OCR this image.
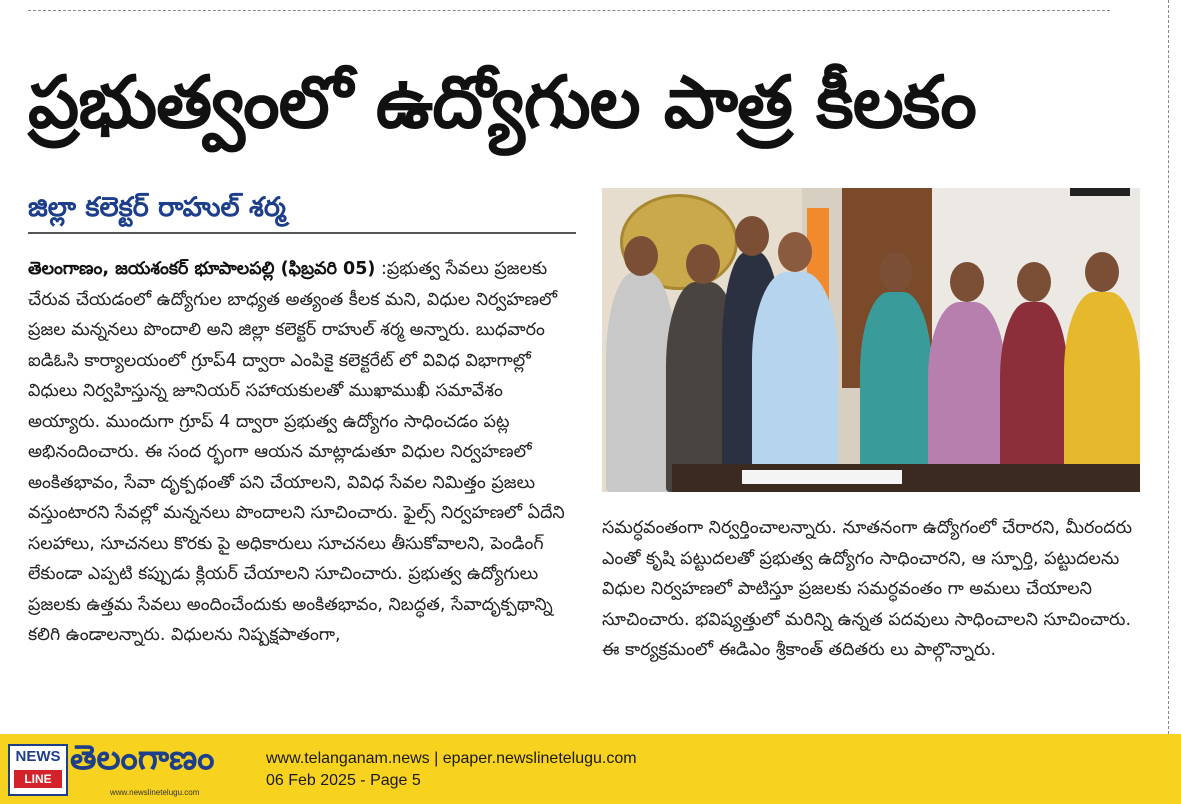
ప్రభుత్వంలో ఉద్యోగుల పాత్ర కీలకం
జిల్లా కలెక్టర్ రాహుల్ శర్మ
తెలంగాణం, జయశంకర్ భూపాలపల్లి (ఫిబ్రవరి 05) :ప్రభుత్వ సేవలు ప్రజలకు చేరువ చేయడంలో ఉద్యోగుల బాధ్యత అత్యంత కీలక మని, విధుల నిర్వహణలో ప్రజల మన్ననలు పొందాలి అని జిల్లా కలెక్టర్ రాహుల్ శర్మ అన్నారు. బుధవారం ఐడిఓసి కార్యాలయంలో గ్రూప్4 ద్వారా ఎంపికై కలెక్టరేట్ లో వివిధ విభాగాల్లో విధులు నిర్వహిస్తున్న జూనియర్ సహాయకులతో ముఖాముఖీ సమావేశం అయ్యారు. ముందుగా గ్రూప్ 4 ద్వారా ప్రభుత్వ ఉద్యోగం సాధించడం పట్ల అభినందించారు. ఈ సంద ర్భంగా ఆయన మాట్లాడుతూ విధుల నిర్వహణలో అంకితభావం, సేవా దృక్పథంతో పని చేయాలని, వివిధ సేవల నిమిత్తం ప్రజలు వస్తుంటారని సేవల్లో మన్ననలు పొందాలని సూచించారు. ఫైల్స్ నిర్వహణలో ఏదేని సలహాలు, సూచనలు కొరకు పై అధికారులు సూచనలు తీసుకోవాలని, పెండింగ్ లేకుండా ఎప్పటి కప్పుడు క్లియర్ చేయాలని సూచించారు. ప్రభుత్వ ఉద్యోగులు ప్రజలకు ఉత్తమ సేవలు అందించేందుకు అంకితభావం, నిబద్ధత, సేవాదృక్పథాన్ని కలిగి ఉండాలన్నారు. విధులను నిష్పక్షపాతంగా,
సమర్ధవంతంగా నిర్వర్తించాలన్నారు. నూతనంగా ఉద్యోగంలో చేరారని, మీరందరు ఎంతో కృషి పట్టుదలతో ప్రభుత్వ ఉద్యోగం సాధించారని, ఆ స్ఫూర్తి, పట్టుదలను విధుల నిర్వహణలో పాటిస్తూ ప్రజలకు సమర్ధవంతం గా అమలు చేయాలని సూచించారు. భవిష్యత్తులో మరిన్ని ఉన్నత పదవులు సాధించాలని సూచించారు. ఈ కార్యక్రమంలో ఈడిఎం శ్రీకాంత్ తదితరు లు పాల్గొన్నారు.
NEWS
LINE
తెలంగాణం
www.newslinetelugu.com
www.telanganam.news | epaper.newslinetelugu.com
06 Feb 2025 - Page 5
